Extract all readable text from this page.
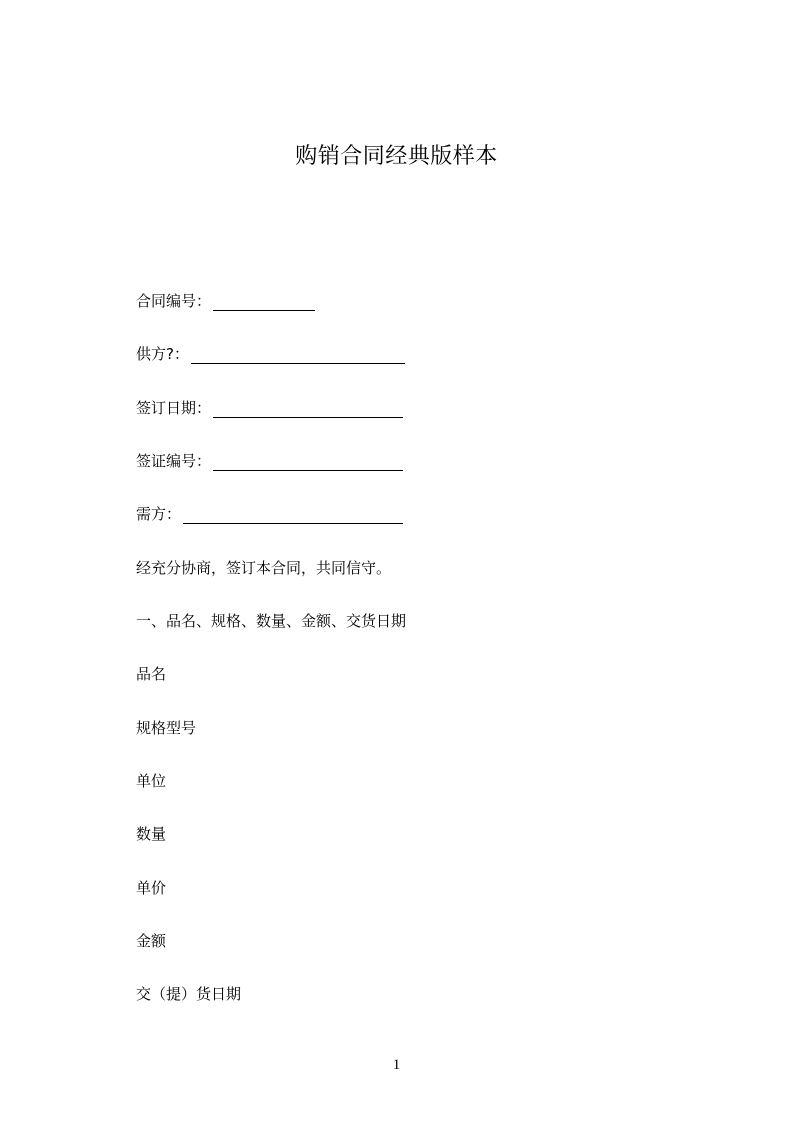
购销合同经典版样本
合同编号：
供方?：
签订日期：
签证编号：
需方：
经充分协商，签订本合同，共同信守。
一、品名、规格、数量、金额、交货日期
品名
规格型号
单位
数量
单价
金额
交（提）货日期
1
